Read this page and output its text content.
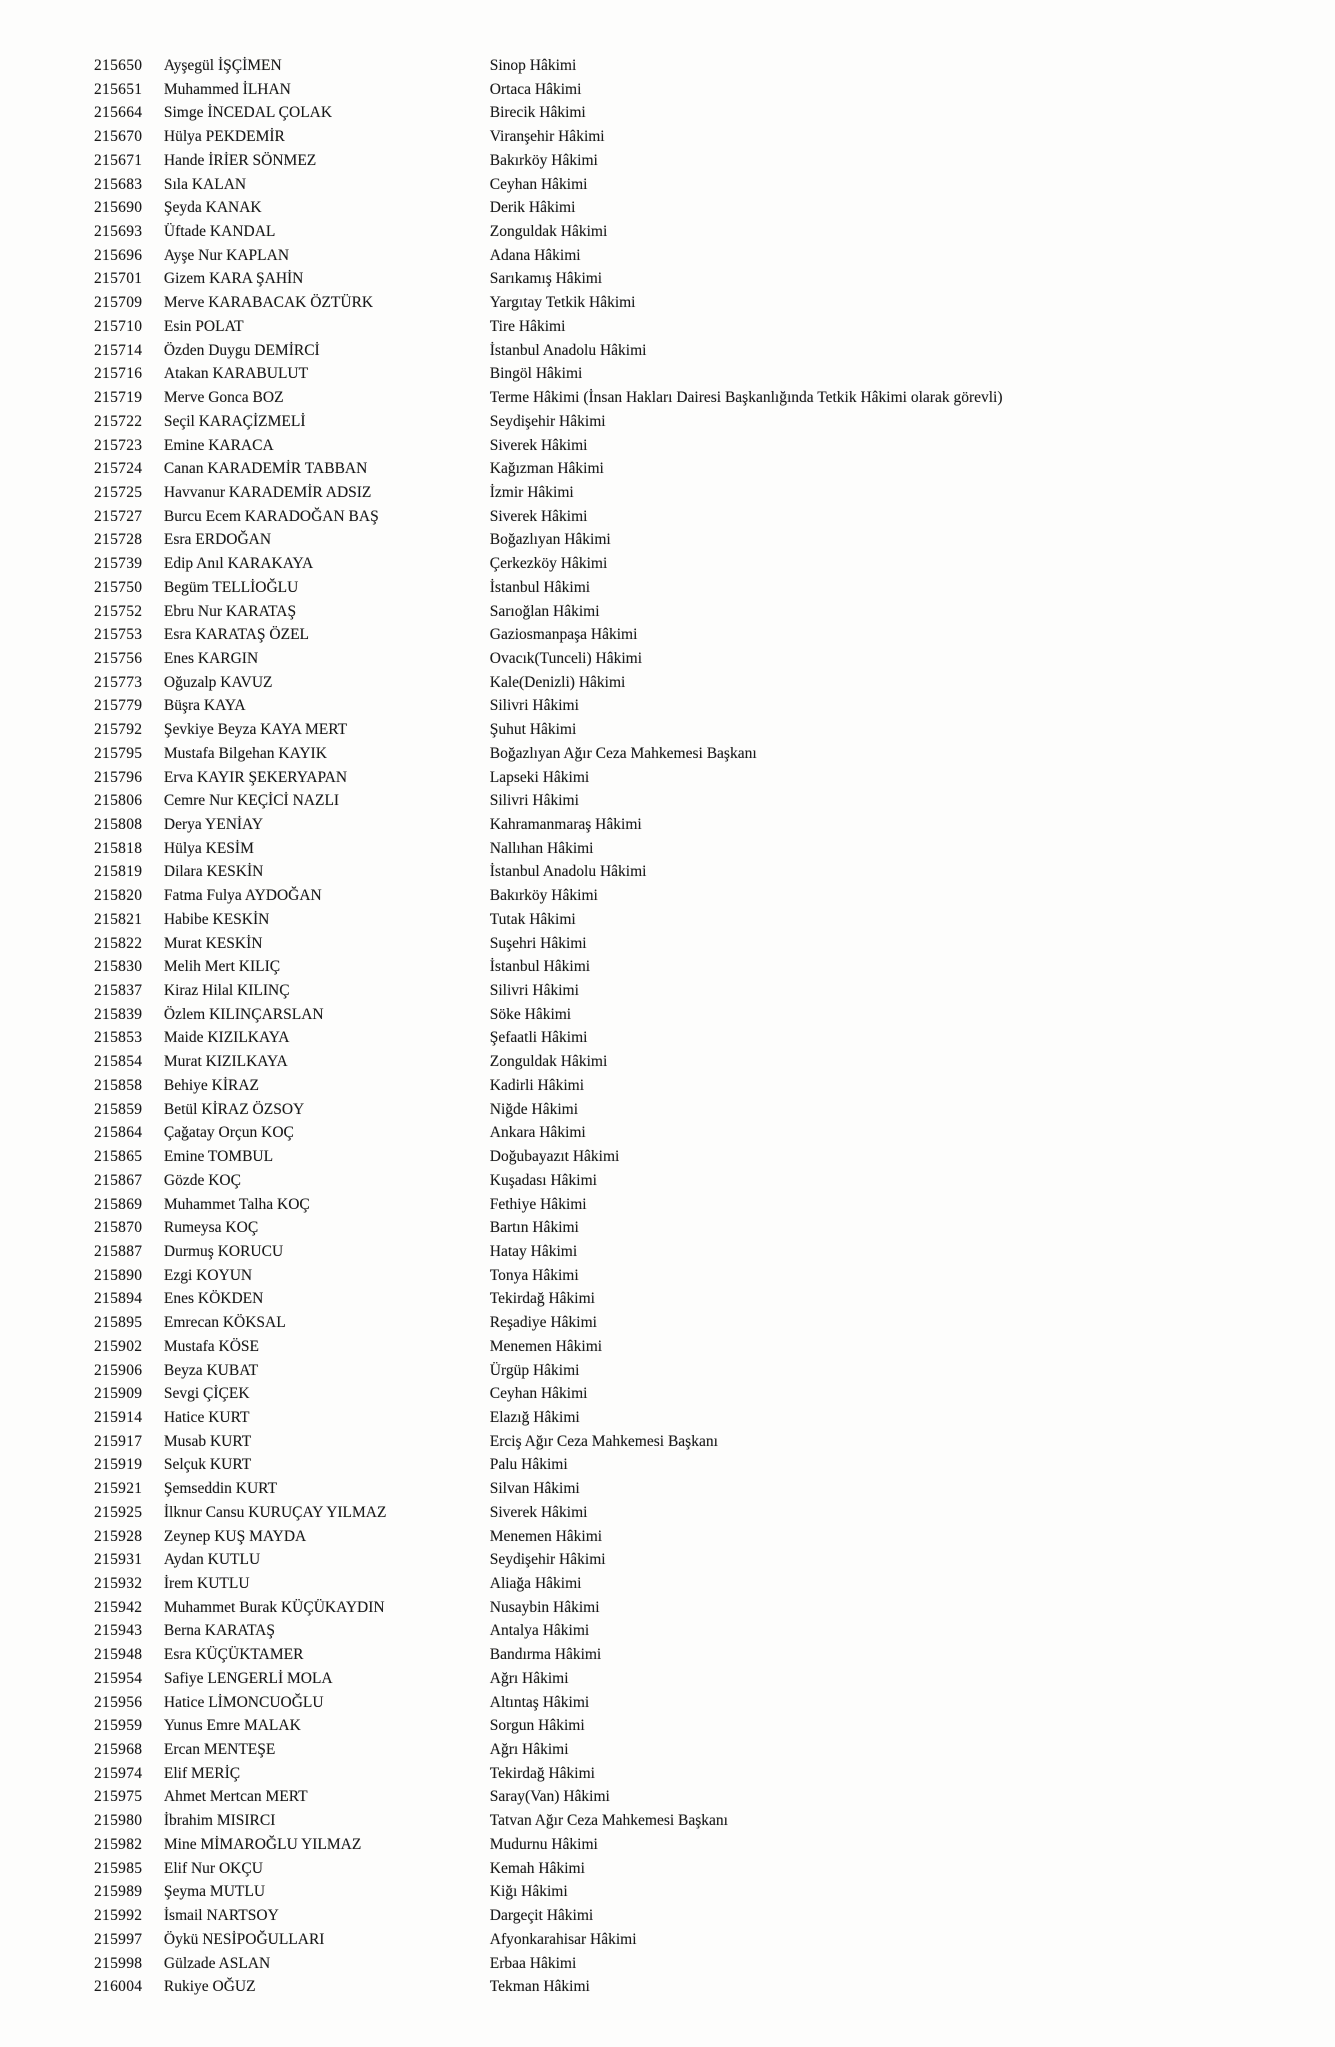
215650 Ayşegül İŞÇİMEN	Sinop Hâkimi
215651 Muhammed İLHAN	Ortaca Hâkimi
215664 Simge İNCEDAL ÇOLAK	Birecik Hâkimi
215670 Hülya PEKDEMİR	Viranşehir Hâkimi
215671 Hande İRİER SÖNMEZ	Bakırköy Hâkimi
215683 Sıla KALAN	Ceyhan Hâkimi
215690 Şeyda KANAK	Derik Hâkimi
215693 Üftade KANDAL	Zonguldak Hâkimi
215696 Ayşe Nur KAPLAN	Adana Hâkimi
215701 Gizem KARA ŞAHİN	Sarıkamış Hâkimi
215709 Merve KARABACAK ÖZTÜRK	Yargıtay Tetkik Hâkimi
215710 Esin POLAT	Tire Hâkimi
215714 Özden Duygu DEMİRCİ	İstanbul Anadolu Hâkimi
215716 Atakan KARABULUT	Bingöl Hâkimi
215719 Merve Gonca BOZ	Terme Hâkimi (İnsan Hakları Dairesi Başkanlığında Tetkik Hâkimi olarak görevli)
215722 Seçil KARAÇİZMELİ	Seydişehir Hâkimi
215723 Emine KARACA	Siverek Hâkimi
215724 Canan KARADEMİR TABBAN	Kağızman Hâkimi
215725 Havvanur KARADEMİR ADSIZ	İzmir Hâkimi
215727 Burcu Ecem KARADOĞAN BAŞ	Siverek Hâkimi
215728 Esra ERDOĞAN	Boğazlıyan Hâkimi
215739 Edip Anıl KARAKAYA	Çerkezköy Hâkimi
215750 Begüm TELLİOĞLU	İstanbul Hâkimi
215752 Ebru Nur KARATAŞ	Sarıoğlan Hâkimi
215753 Esra KARATAŞ ÖZEL	Gaziosmanpaşa Hâkimi
215756 Enes KARGIN	Ovacık(Tunceli) Hâkimi
215773 Oğuzalp KAVUZ	Kale(Denizli) Hâkimi
215779 Büşra KAYA	Silivri Hâkimi
215792 Şevkiye Beyza KAYA MERT	Şuhut Hâkimi
215795 Mustafa Bilgehan KAYIK	Boğazlıyan Ağır Ceza Mahkemesi Başkanı
215796 Erva KAYIR ŞEKERYAPAN	Lapseki Hâkimi
215806 Cemre Nur KEÇİCİ NAZLI	Silivri Hâkimi
215808 Derya YENİAY	Kahramanmaraş Hâkimi
215818 Hülya KESİM	Nallıhan Hâkimi
215819 Dilara KESKİN	İstanbul Anadolu Hâkimi
215820 Fatma Fulya AYDOĞAN	Bakırköy Hâkimi
215821 Habibe KESKİN	Tutak Hâkimi
215822 Murat KESKİN	Suşehri Hâkimi
215830 Melih Mert KILIÇ	İstanbul Hâkimi
215837 Kiraz Hilal KILINÇ	Silivri Hâkimi
215839 Özlem KILINÇARSLAN	Söke Hâkimi
215853 Maide KIZILKAYA	Şefaatli Hâkimi
215854 Murat KIZILKAYA	Zonguldak Hâkimi
215858 Behiye KİRAZ	Kadirli Hâkimi
215859 Betül KİRAZ ÖZSOY	Niğde Hâkimi
215864 Çağatay Orçun KOÇ	Ankara Hâkimi
215865 Emine TOMBUL	Doğubayazıt Hâkimi
215867 Gözde KOÇ	Kuşadası Hâkimi
215869 Muhammet Talha KOÇ	Fethiye Hâkimi
215870 Rumeysa KOÇ	Bartın Hâkimi
215887 Durmuş KORUCU	Hatay Hâkimi
215890 Ezgi KOYUN	Tonya Hâkimi
215894 Enes KÖKDEN	Tekirdağ Hâkimi
215895 Emrecan KÖKSAL	Reşadiye Hâkimi
215902 Mustafa KÖSE	Menemen Hâkimi
215906 Beyza KUBAT	Ürgüp Hâkimi
215909 Sevgi ÇİÇEK	Ceyhan Hâkimi
215914 Hatice KURT	Elazığ Hâkimi
215917 Musab KURT	Erciş Ağır Ceza Mahkemesi Başkanı
215919 Selçuk KURT	Palu Hâkimi
215921 Şemseddin KURT	Silvan Hâkimi
215925 İlknur Cansu KURUÇAY YILMAZ	Siverek Hâkimi
215928 Zeynep KUŞ MAYDA	Menemen Hâkimi
215931 Aydan KUTLU	Seydişehir Hâkimi
215932 İrem KUTLU	Aliağa Hâkimi
215942 Muhammet Burak KÜÇÜKAYDIN	Nusaybin Hâkimi
215943 Berna KARATAŞ	Antalya Hâkimi
215948 Esra KÜÇÜKTAMER	Bandırma Hâkimi
215954 Safiye LENGERLİ MOLA	Ağrı Hâkimi
215956 Hatice LİMONCUOĞLU	Altıntaş Hâkimi
215959 Yunus Emre MALAK	Sorgun Hâkimi
215968 Ercan MENTEŞE	Ağrı Hâkimi
215974 Elif MERİÇ	Tekirdağ Hâkimi
215975 Ahmet Mertcan MERT	Saray(Van) Hâkimi
215980 İbrahim MISIRCI	Tatvan Ağır Ceza Mahkemesi Başkanı
215982 Mine MİMAROĞLU YILMAZ	Mudurnu Hâkimi
215985 Elif Nur OKÇU	Kemah Hâkimi
215989 Şeyma MUTLU	Kiğı Hâkimi
215992 İsmail NARTSOY	Dargeçit Hâkimi
215997 Öykü NESİPOĞULLARI	Afyonkarahisar Hâkimi
215998 Gülzade ASLAN	Erbaa Hâkimi
216004 Rukiye OĞUZ	Tekman Hâkimi
